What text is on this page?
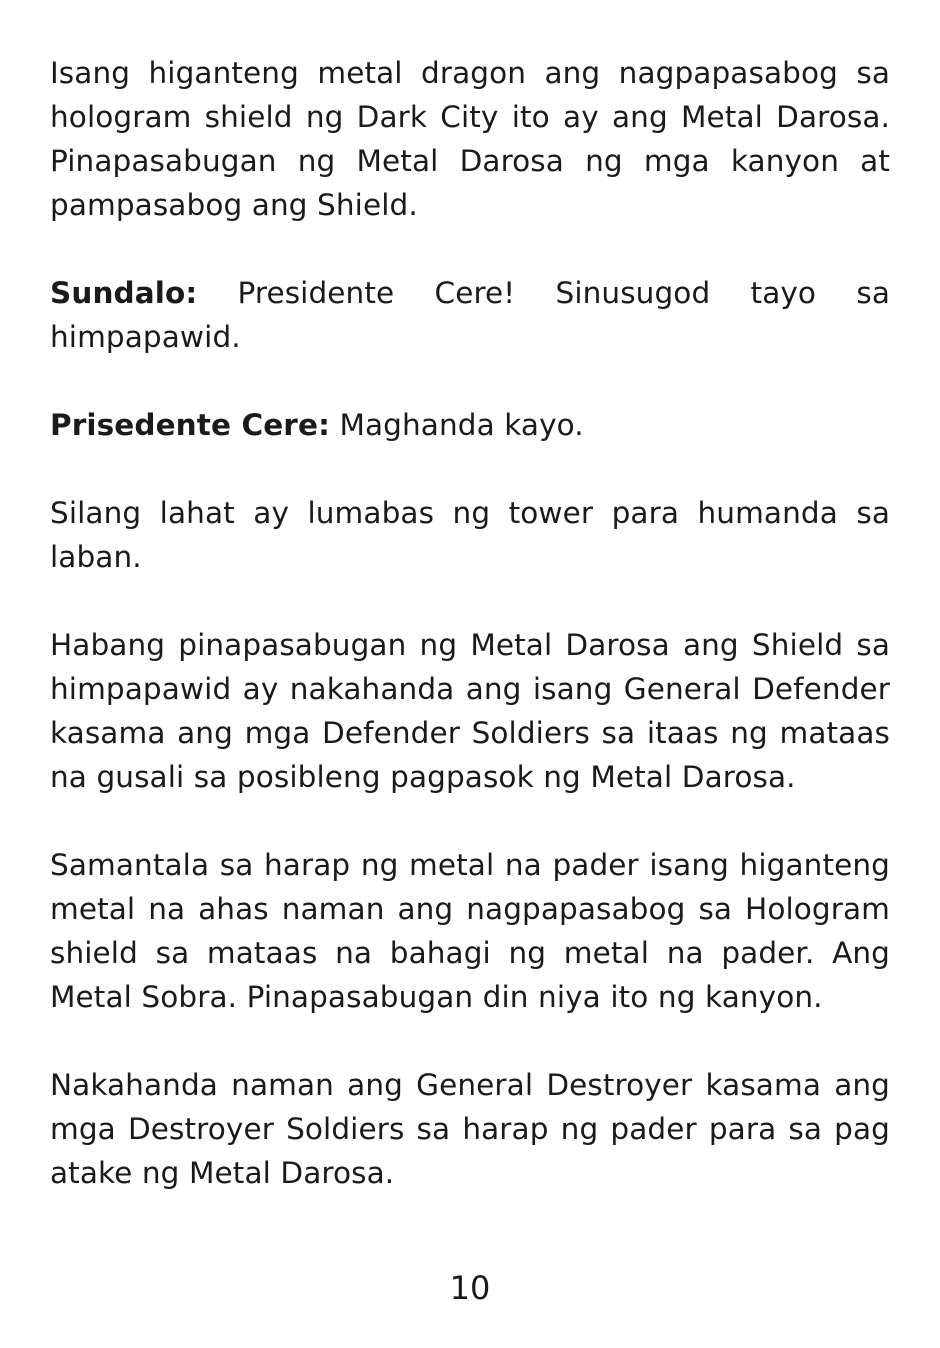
Isang higanteng metal dragon ang nagpapasabog sa hologram shield ng Dark City ito ay ang Metal Darosa. Pinapasabugan ng Metal Darosa ng mga kanyon at pampasabog ang Shield.

Sundalo: Presidente Cere! Sinusugod tayo sa himpapawid.

Prisedente Cere: Maghanda kayo.

Silang lahat ay lumabas ng tower para humanda sa laban.

Habang pinapasabugan ng Metal Darosa ang Shield sa himpapawid ay nakahanda ang isang General Defender kasama ang mga Defender Soldiers sa itaas ng mataas na gusali sa posibleng pagpasok ng Metal Darosa.

Samantala sa harap ng metal na pader isang higanteng metal na ahas naman ang nagpapasabog sa Hologram shield sa mataas na bahagi ng metal na pader. Ang Metal Sobra. Pinapasabugan din niya ito ng kanyon.

Nakahanda naman ang General Destroyer kasama ang mga Destroyer Soldiers sa harap ng pader para sa pag atake ng Metal Darosa.

10
